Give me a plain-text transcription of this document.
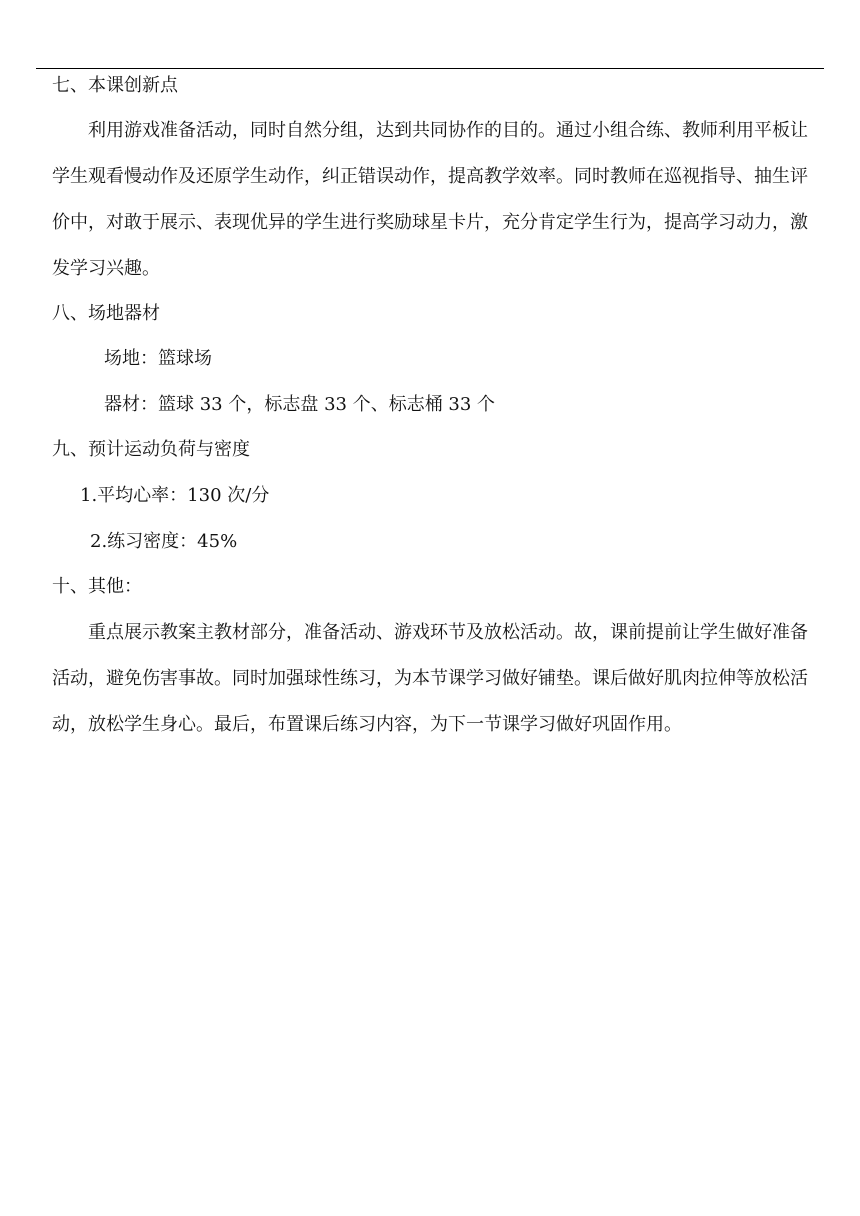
七、本课创新点
利用游戏准备活动，同时自然分组，达到共同协作的目的。通过小组合练、教师利用平板让学生观看慢动作及还原学生动作，纠正错误动作，提高教学效率。同时教师在巡视指导、抽生评价中，对敢于展示、表现优异的学生进行奖励球星卡片，充分肯定学生行为，提高学习动力，激发学习兴趣。
八、场地器材
场地：篮球场
器材：篮球 33 个，标志盘 33 个、标志桶 33 个
九、预计运动负荷与密度
1.平均心率：130 次/分
2.练习密度：45%
十、其他：
重点展示教案主教材部分，准备活动、游戏环节及放松活动。故，课前提前让学生做好准备活动，避免伤害事故。同时加强球性练习，为本节课学习做好铺垫。课后做好肌肉拉伸等放松活动，放松学生身心。最后，布置课后练习内容，为下一节课学习做好巩固作用。
